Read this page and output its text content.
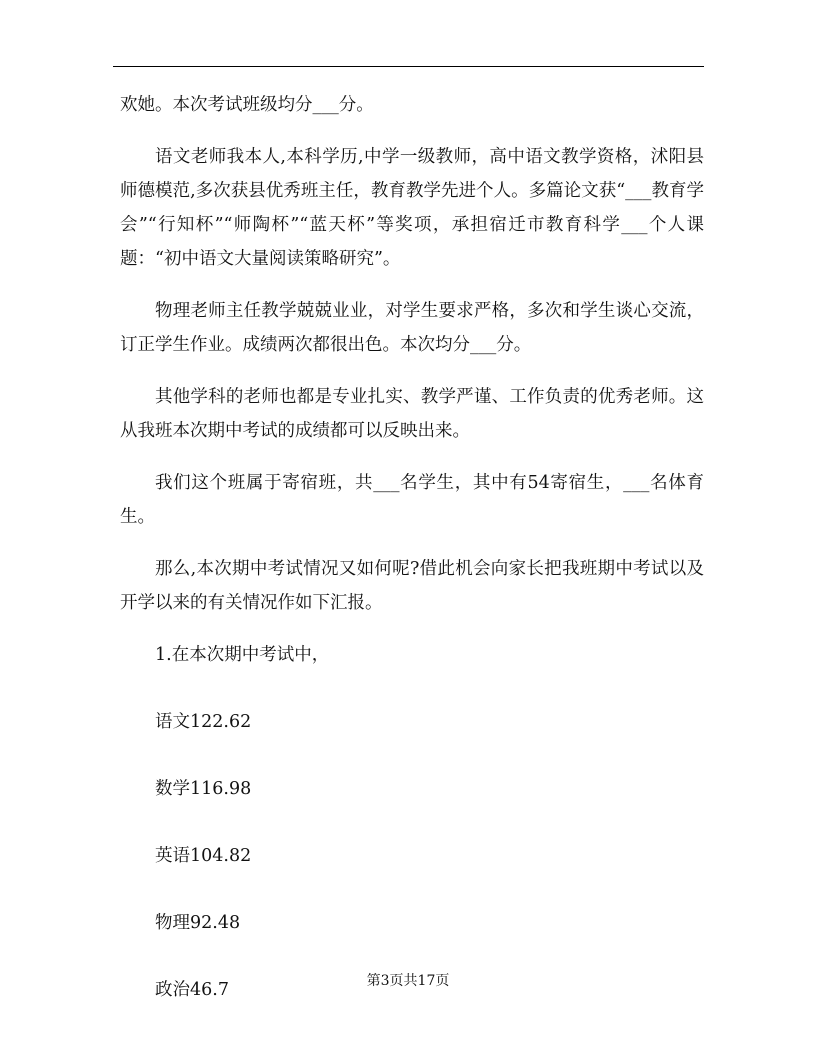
欢她。本次考试班级均分___分。

语文老师我本人,本科学历,中学一级教师，高中语文教学资格，沭阳县师德模范,多次获县优秀班主任，教育教学先进个人。多篇论文获“___教育学会”“行知杯”“师陶杯”“蓝天杯”等奖项，承担宿迁市教育科学___个人课题：“初中语文大量阅读策略研究”。

物理老师主任教学兢兢业业，对学生要求严格，多次和学生谈心交流，订正学生作业。成绩两次都很出色。本次均分___分。

其他学科的老师也都是专业扎实、教学严谨、工作负责的优秀老师。这从我班本次期中考试的成绩都可以反映出来。

我们这个班属于寄宿班，共___名学生，其中有54寄宿生，___名体育生。

那么,本次期中考试情况又如何呢?借此机会向家长把我班期中考试以及开学以来的有关情况作如下汇报。

1.在本次期中考试中，

语文122.62

数学116.98

英语104.82

物理92.48

政治46.7	第3页共17页
